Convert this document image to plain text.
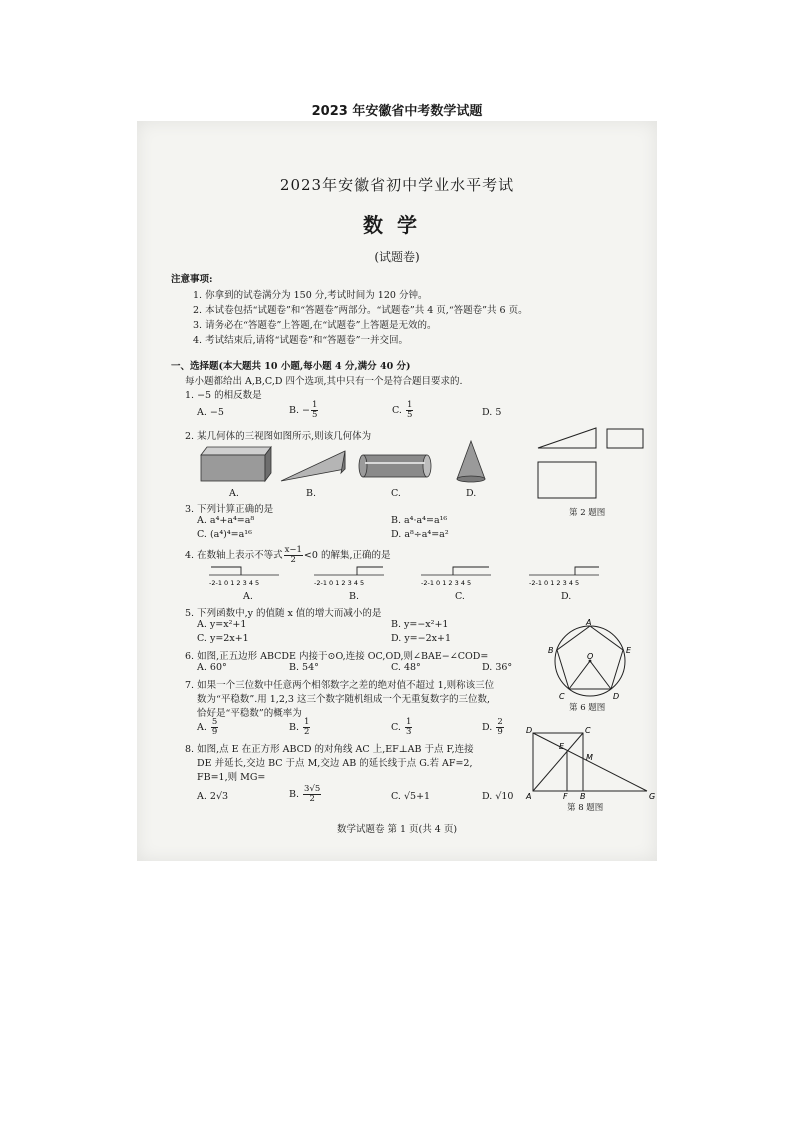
2023 年安徽省中考数学试题
2023年安徽省初中学业水平考试
数学
(试题卷)
注意事项:
1. 你拿到的试卷满分为 150 分,考试时间为 120 分钟。
2. 本试卷包括“试题卷”和“答题卷”两部分。“试题卷”共 4 页,“答题卷”共 6 页。
3. 请务必在“答题卷”上答题,在“试题卷”上答题是无效的。
4. 考试结束后,请将“试题卷”和“答题卷”一并交回。
一、选择题(本大题共 10 小题,每小题 4 分,满分 40 分)
每小题都给出 A,B,C,D 四个选项,其中只有一个是符合题目要求的.
1. −5 的相反数是
A. −5	B. − $\frac{1}{5}$	C. $\frac{1}{5}$	D. 5
2. 某几何体的三视图如图所示,则该几何体为
A.	B.	C.	D.
第 2 题图
3. 下列计算正确的是
A. a⁴+a⁴=a⁸	B. a⁴·a⁴=a¹⁶
C. (a⁴)⁴=a¹⁶	D. a⁸÷a⁴=a²
4. 在数轴上表示不等式 $\frac{x-1}{2} <0$ 的解集,正确的是
-2-1 0 1 2 3 4 5	-2-1 0 1 2 3 4 5	-2-1 0 1 2 3 4 5	-2-1 0 1 2 3 4 5
A.	B.	C.	D.
5. 下列函数中,y 的值随 x 值的增大而减小的是
A. y=x²+1	B. y=−x²+1
C. y=2x+1	D. y=−2x+1
6. 如图,正五边形 ABCDE 内接于⊙O,连接 OC,OD,则∠BAE−∠COD=
A. 60°	B. 54°	C. 48°	D. 36°
A
B
C	D
E
O
第 6 题图
7. 如果一个三位数中任意两个相邻数字之差的绝对值不超过 1,则称该三位
数为“平稳数”.用 1,2,3 这三个数字随机组成一个无重复数字的三位数,
恰好是“平稳数”的概率为
A. $\frac{5}{9}$	B. $\frac{1}{2}$	C. $\frac{1}{3}$	D. $\frac{2}{9}$
8. 如图,点 E 在正方形 ABCD 的对角线 AC 上,EF⊥AB 于点 F,连接
DE 并延长,交边 BC 于点 M,交边 AB 的延长线于点 G.若 AF=2,
FB=1,则 MG=
A. 2√3	B. $\frac{3√5}{2}$	C. √5+1	D. √10
D	C
E
M
A	F B	G
第 8 题图
数学试题卷 第 1 页(共 4 页)
